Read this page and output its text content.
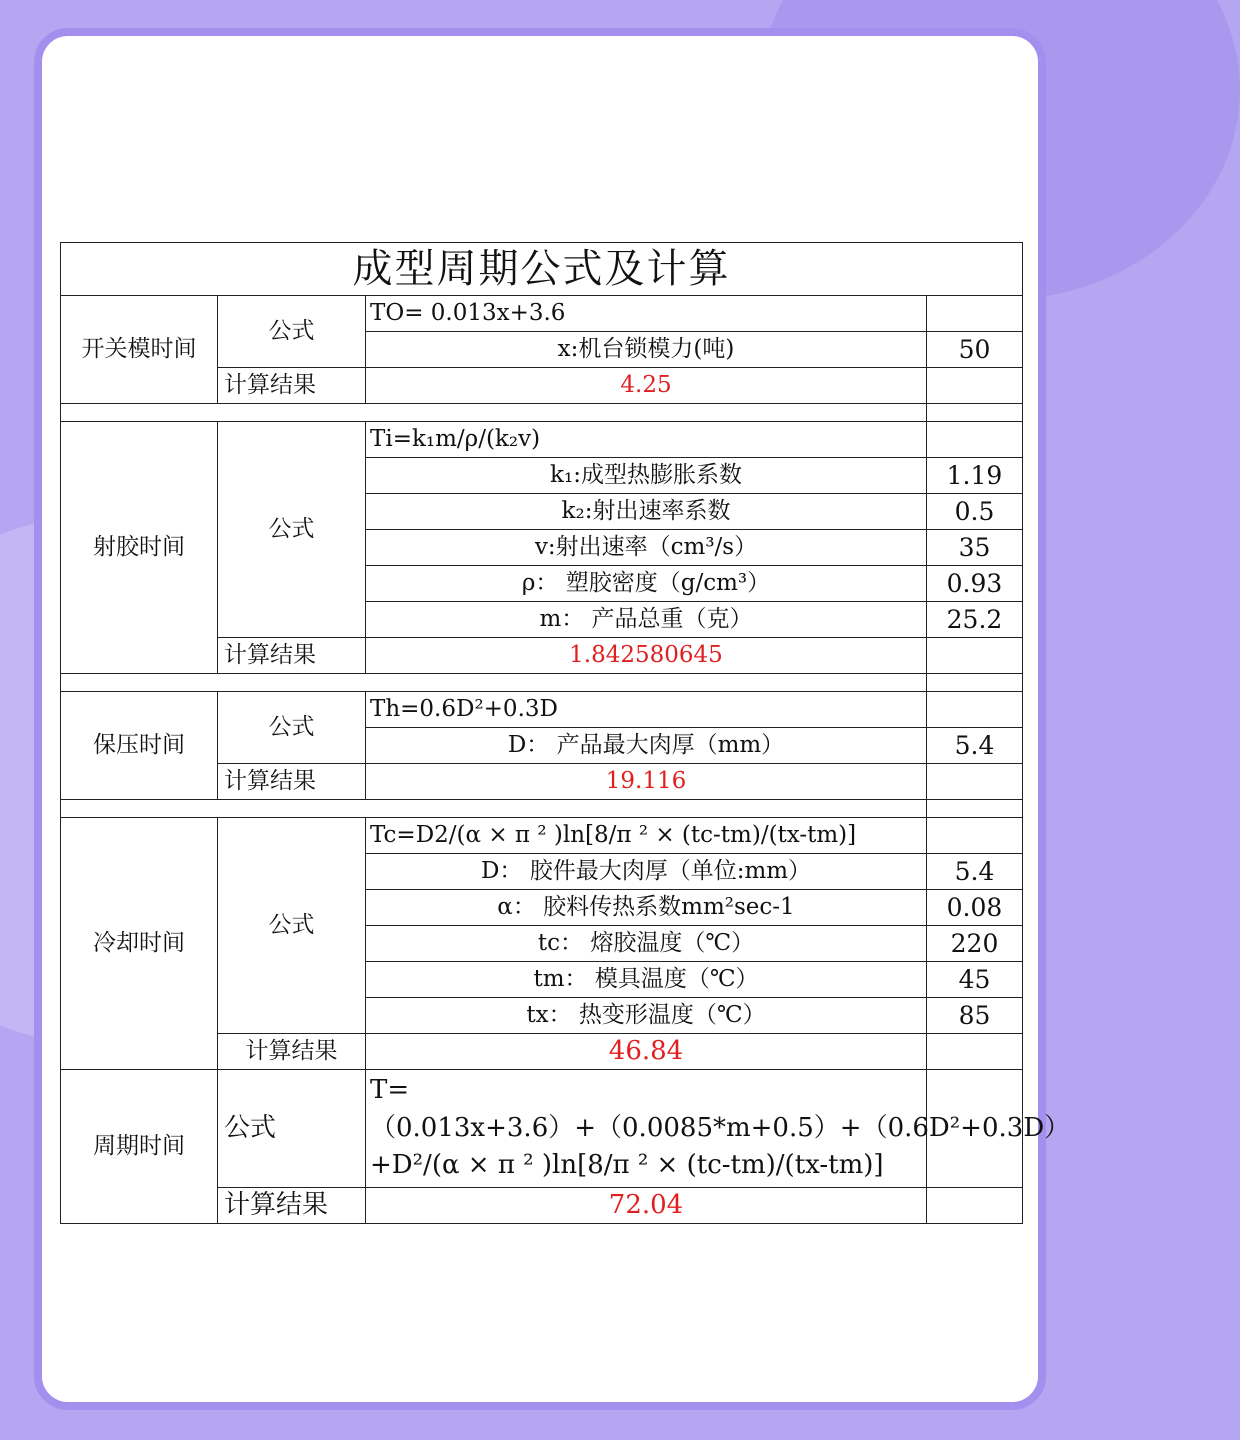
成型周期公式及计算			
开关模时间	公式	TO= 0.013x+3.6	
		x:机台锁模力(吨)	50
	计算结果	4.25	

射胶时间	公式	Ti=k₁m/ρ/(k₂v)	
		k₁:成型热膨胀系数	1.19
		k₂:射出速率系数	0.5
		v:射出速率（cm³/s）	35
		ρ： 塑胶密度（g/cm³）	0.93
		m： 产品总重（克）	25.2
	计算结果	1.842580645	

保压时间	公式	Th=0.6D²+0.3D	
		D： 产品最大肉厚（mm）	5.4
	计算结果	19.116	

冷却时间	公式	Tc=D2/(α × π ² )ln[8/π ² × (tc-tm)/(tx-tm)]	
		D： 胶件最大肉厚（单位:mm）	5.4
		α： 胶料传热系数mm²sec-1	0.08
		tc： 熔胶温度（℃）	220
		tm： 模具温度（℃）	45
		tx： 热变形温度（℃）	85
	计算结果	46.84	
周期时间	公式	T=（0.013x+3.6）+（0.0085*m+0.5）+（0.6D²+0.3D）+D²/(α × π ² )ln[8/π ² × (tc-tm)/(tx-tm)]	
	计算结果	72.04	
